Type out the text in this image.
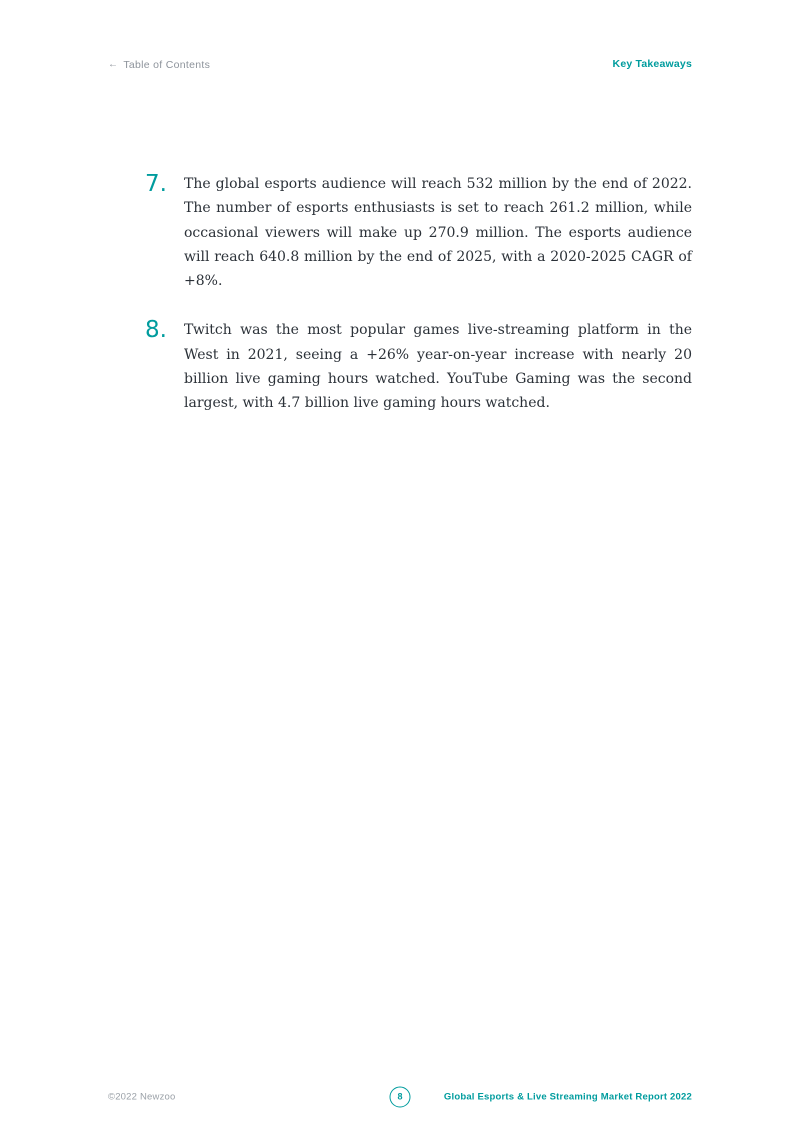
← Table of Contents	Key Takeaways
7.	The global esports audience will reach 532 million by the end of 2022. The number of esports enthusiasts is set to reach 261.2 million, while occasional viewers will make up 270.9 million. The esports audience will reach 640.8 million by the end of 2025, with a 2020-2025 CAGR of +8%.
8.	Twitch was the most popular games live-streaming platform in the West in 2021, seeing a +26% year-on-year increase with nearly 20 billion live gaming hours watched. YouTube Gaming was the second largest, with 4.7 billion live gaming hours watched.
©2022 Newzoo	8	Global Esports & Live Streaming Market Report 2022
